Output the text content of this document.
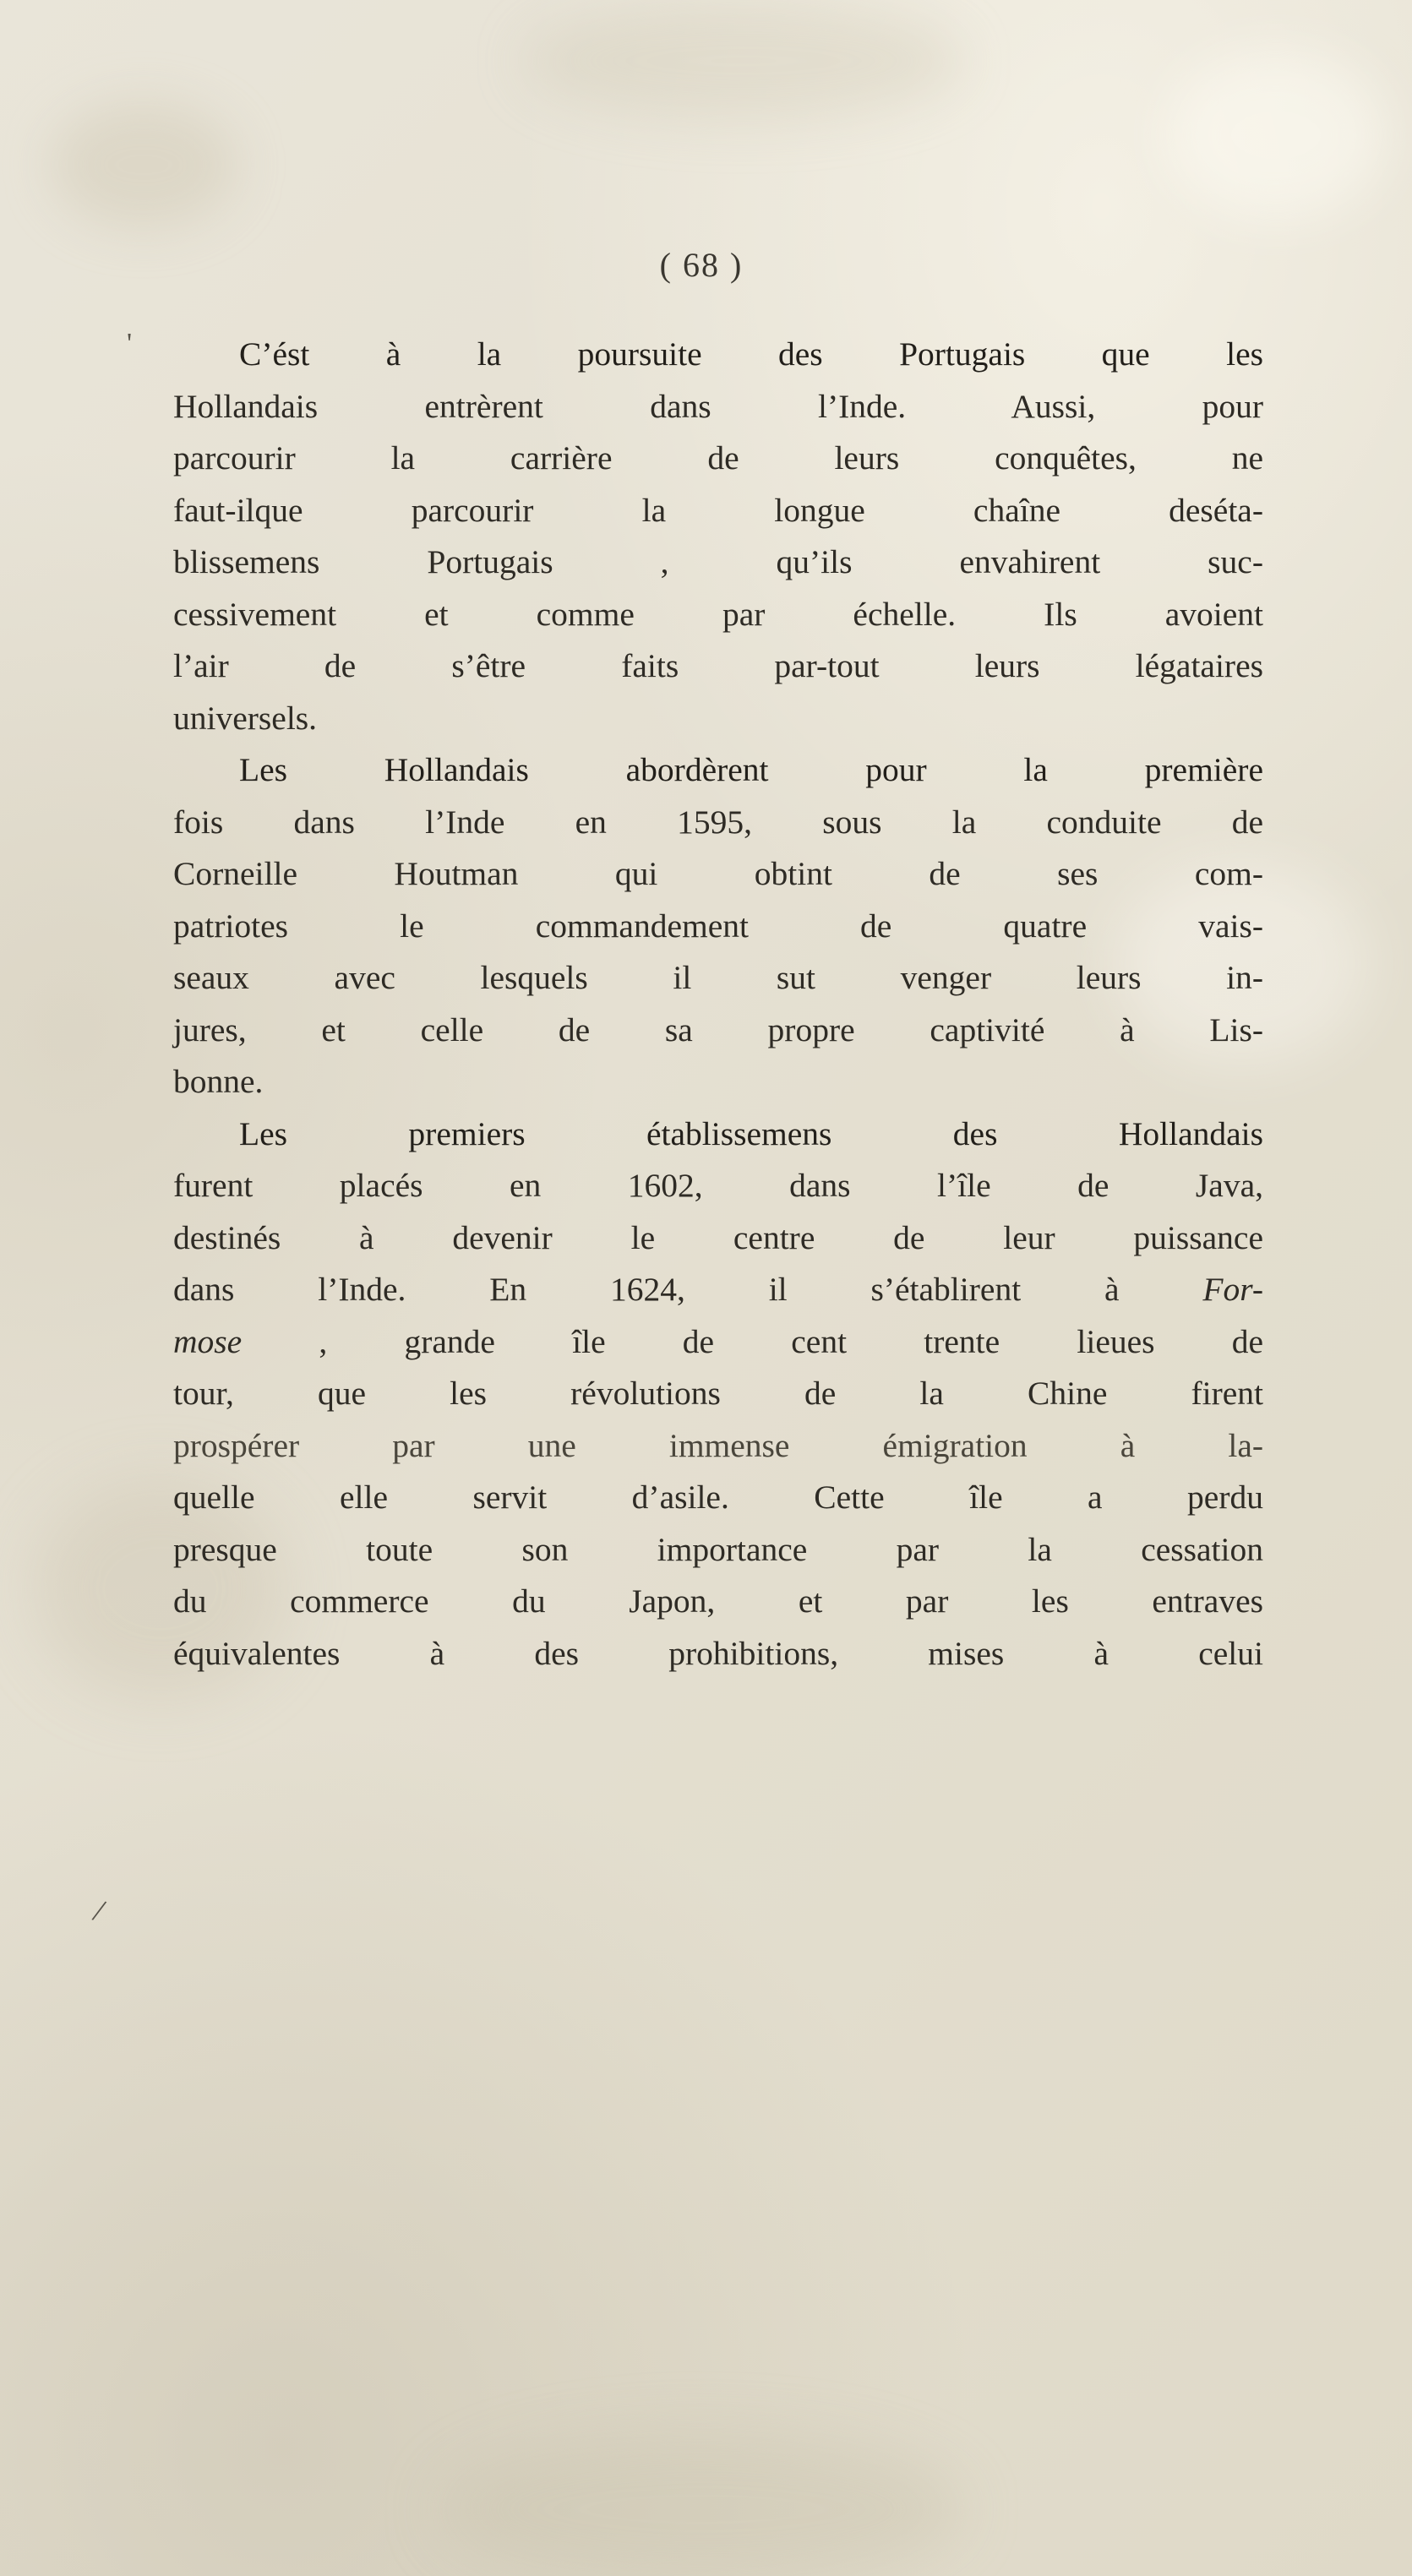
'
/
( 68 )

C’ést à la poursuite des Portugais que les
Hollandais entrèrent dans l’Inde. Aussi, pour
parcourir la carrière de leurs conquêtes, ne
faut-ilque parcourir la longue chaîne deséta-
blissemens Portugais , qu’ils envahirent suc-
cessivement et comme par échelle. Ils avoient
l’air de s’être faits par-tout leurs légataires
universels.

Les Hollandais abordèrent pour la première
fois dans l’Inde en 1595, sous la conduite de
Corneille Houtman qui obtint de ses com-
patriotes le commandement de quatre vais-
seaux avec lesquels il sut venger leurs in-
jures, et celle de sa propre captivité à Lis-
bonne.

Les premiers établissemens des Hollandais
furent placés en 1602, dans l’île de Java,
destinés à devenir le centre de leur puissance
dans l’Inde. En 1624, il s’établirent à For-
mose , grande île de cent trente lieues de
tour, que les révolutions de la Chine firent
prospérer par une immense émigration à la-
quelle elle servit d’asile. Cette île a perdu
presque toute son importance par la cessation
du commerce du Japon, et par les entraves
équivalentes à des prohibitions, mises à celui
